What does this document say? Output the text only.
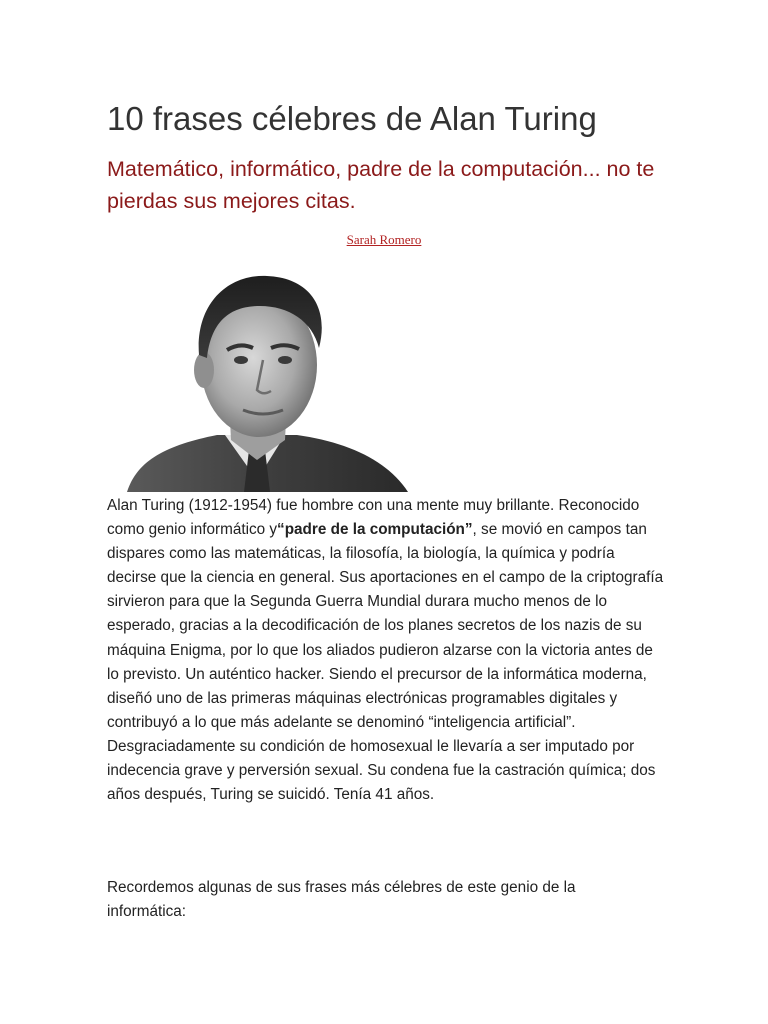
10 frases célebres de Alan Turing
Matemático, informático, padre de la computación... no te pierdas sus mejores citas.
Sarah Romero

Alan Turing (1912-1954) fue hombre con una mente muy brillante. Reconocido como genio informático y“padre de la computación”, se movió en campos tan dispares como las matemáticas, la filosofía, la biología, la química y podría decirse que la ciencia en general. Sus aportaciones en el campo de la criptografía sirvieron para que la Segunda Guerra Mundial durara mucho menos de lo esperado, gracias a la decodificación de los planes secretos de los nazis de su máquina Enigma, por lo que los aliados pudieron alzarse con la victoria antes de lo previsto. Un auténtico hacker. Siendo el precursor de la informática moderna, diseñó uno de las primeras máquinas electrónicas programables digitales y contribuyó a lo que más adelante se denominó “inteligencia artificial”. Desgraciadamente su condición de homosexual le llevaría a ser imputado por indecencia grave y perversión sexual. Su condena fue la castración química; dos años después, Turing se suicidó. Tenía 41 años.

Recordemos algunas de sus frases más célebres de este genio de la informática:
